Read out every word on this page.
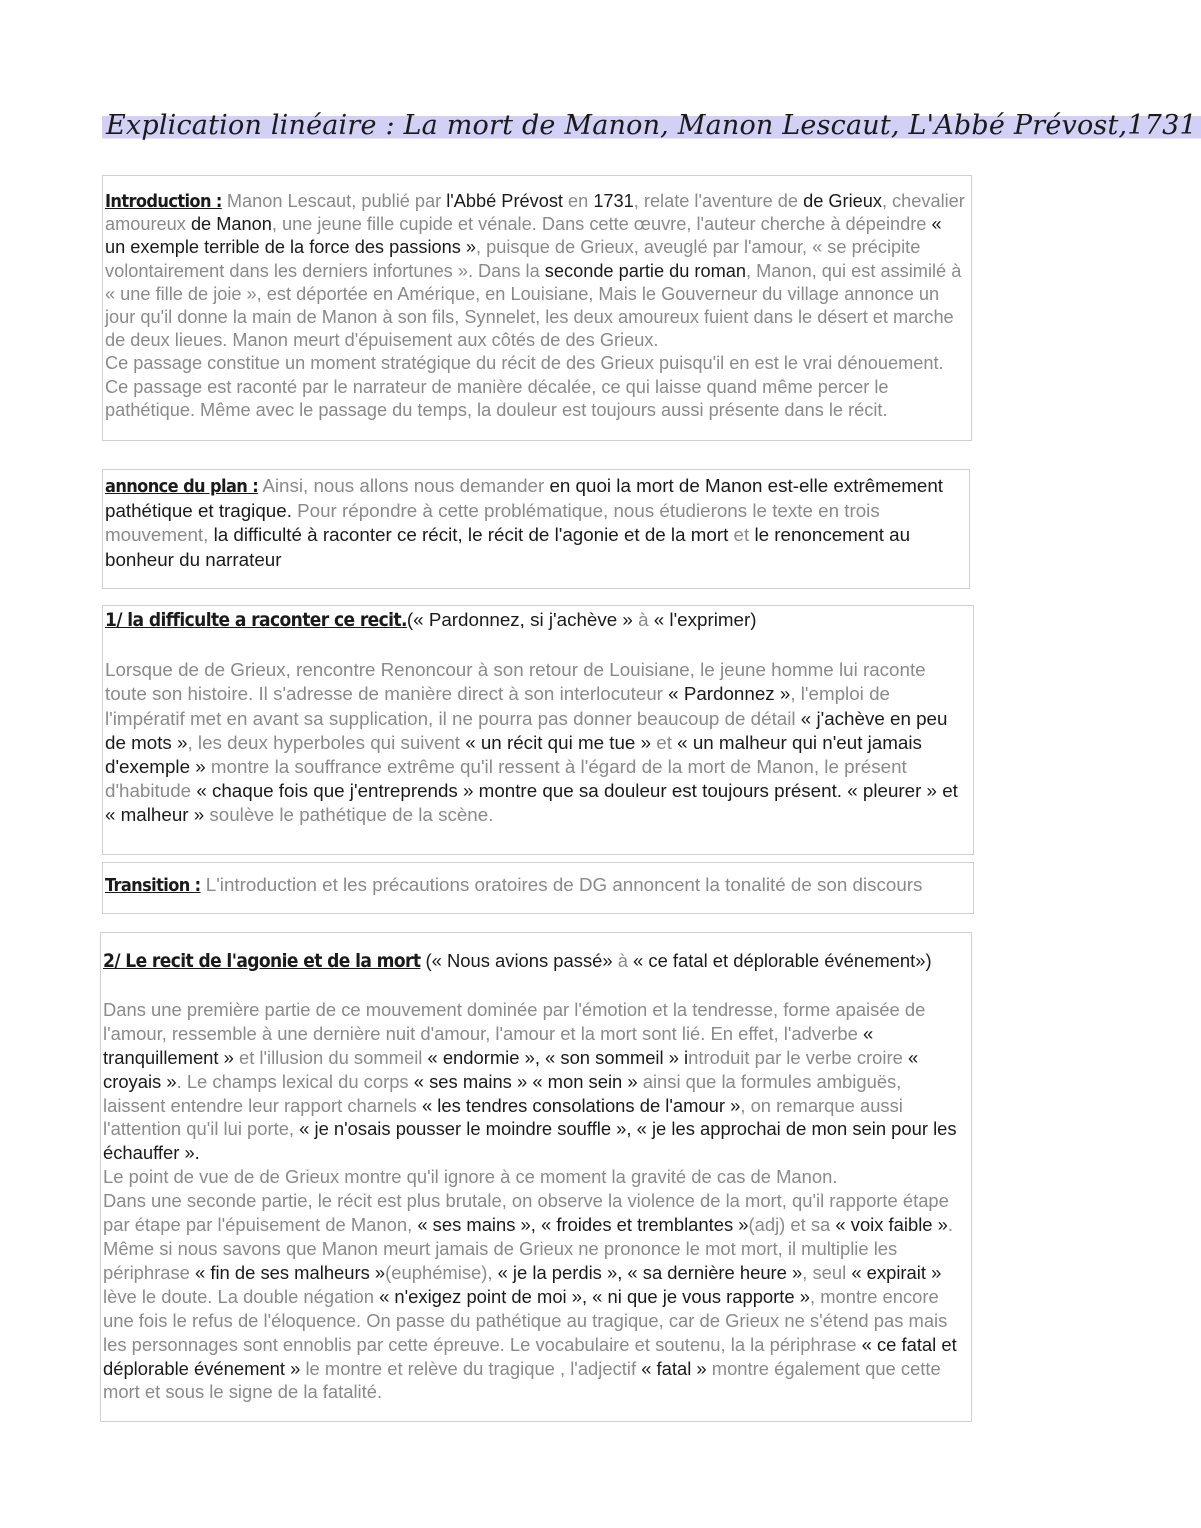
Explication linéaire : La mort de Manon, Manon Lescaut, L'Abbé Prévost,1731

Introduction : Manon Lescaut, publié par l'Abbé Prévost en 1731, relate l'aventure de de Grieux, chevalier amoureux de Manon, une jeune fille cupide et vénale. Dans cette œuvre, l'auteur cherche à dépeindre « un exemple terrible de la force des passions », puisque de Grieux, aveuglé par l'amour, « se précipite volontairement dans les derniers infortunes ». Dans la seconde partie du roman, Manon, qui est assimilé à « une fille de joie », est déportée en Amérique, en Louisiane, Mais le Gouverneur du village annonce un jour qu'il donne la main de Manon à son fils, Synnelet, les deux amoureux fuient dans le désert et marche de deux lieues. Manon meurt d'épuisement aux côtés de des Grieux.

Ce passage constitue un moment stratégique du récit de des Grieux puisqu'il en est le vrai dénouement.

Ce passage est raconté par le narrateur de manière décalée, ce qui laisse quand même percer le pathétique. Même avec le passage du temps, la douleur est toujours aussi présente dans le récit.

annonce du plan : Ainsi, nous allons nous demander en quoi la mort de Manon est-elle extrêmement pathétique et tragique. Pour répondre à cette problématique, nous étudierons le texte en trois mouvement, la difficulté à raconter ce récit, le récit de l'agonie et de la mort et le renoncement au bonheur du narrateur

1/ la difficulte a raconter ce recit.(« Pardonnez, si j'achève » à « l'exprimer)

Lorsque de de Grieux, rencontre Renoncour à son retour de Louisiane, le jeune homme lui raconte toute son histoire. Il s'adresse de manière direct à son interlocuteur « Pardonnez », l'emploi de l'impératif met en avant sa supplication, il ne pourra pas donner beaucoup de détail « j'achève en peu de mots », les deux hyperboles qui suivent « un récit qui me tue » et « un malheur qui n'eut jamais d'exemple » montre la souffrance extrême qu'il ressent à l'égard de la mort de Manon, le présent d'habitude « chaque fois que j'entreprends » montre que sa douleur est toujours présent. « pleurer » et « malheur » soulève le pathétique de la scène.

Transition : L'introduction et les précautions oratoires de DG annoncent la tonalité de son discours

2/ Le recit de l'agonie et de la mort (« Nous avions passé» à « ce fatal et déplorable événement»)

Dans une première partie de ce mouvement dominée par l'émotion et la tendresse, forme apaisée de l'amour, ressemble à une dernière nuit d'amour, l'amour et la mort sont lié. En effet, l'adverbe « tranquillement » et l'illusion du sommeil « endormie », « son sommeil » introduit par le verbe croire « croyais ». Le champs lexical du corps « ses mains » « mon sein » ainsi que la formules ambiguës, laissent entendre leur rapport charnels « les tendres consolations de l'amour », on remarque aussi l'attention qu'il lui porte, « je n'osais pousser le moindre souffle », « je les approchai de mon sein pour les échauffer ».

Le point de vue de de Grieux montre qu'il ignore à ce moment la gravité de cas de Manon.

Dans une seconde partie, le récit est plus brutale, on observe la violence de la mort, qu'il rapporte étape par étape par l'épuisement de Manon, « ses mains », « froides et tremblantes »(adj) et sa « voix faible ». Même si nous savons que Manon meurt jamais de Grieux ne prononce le mot mort, il multiplie les périphrase « fin de ses malheurs »(euphémise), « je la perdis », « sa dernière heure », seul « expirait » lève le doute. La double négation « n'exigez point de moi », « ni que je vous rapporte », montre encore une fois le refus de l'éloquence. On passe du pathétique au tragique, car de Grieux ne s'étend pas mais les personnages sont ennoblis par cette épreuve. Le vocabulaire et soutenu, la la périphrase « ce fatal et déplorable événement » le montre et relève du tragique , l'adjectif « fatal » montre également que cette mort et sous le signe de la fatalité.
